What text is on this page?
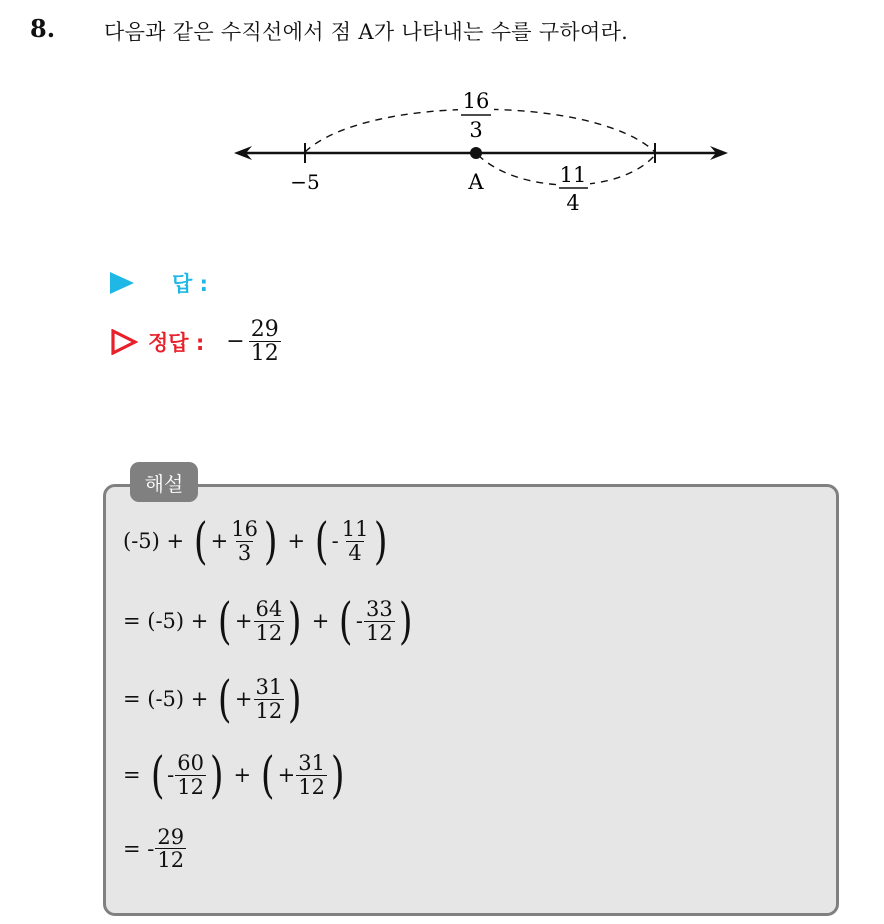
8. 다음과 같은 수직선에서 점 A가 나타내는 수를 구하여라.
16
3
11
4
−5	A
답 :
정답 : − $\frac{29}{12}$
해설
(-5) + ( + $\frac{16}{3}$ ) + ( - $\frac{11}{4}$ )
= (-5) + ( + $\frac{64}{12}$ ) + ( - $\frac{33}{12}$ )
= (-5) + ( + $\frac{31}{12}$ )
= ( - $\frac{60}{12}$ ) + ( + $\frac{31}{12}$ )
= - $\frac{29}{12}$
